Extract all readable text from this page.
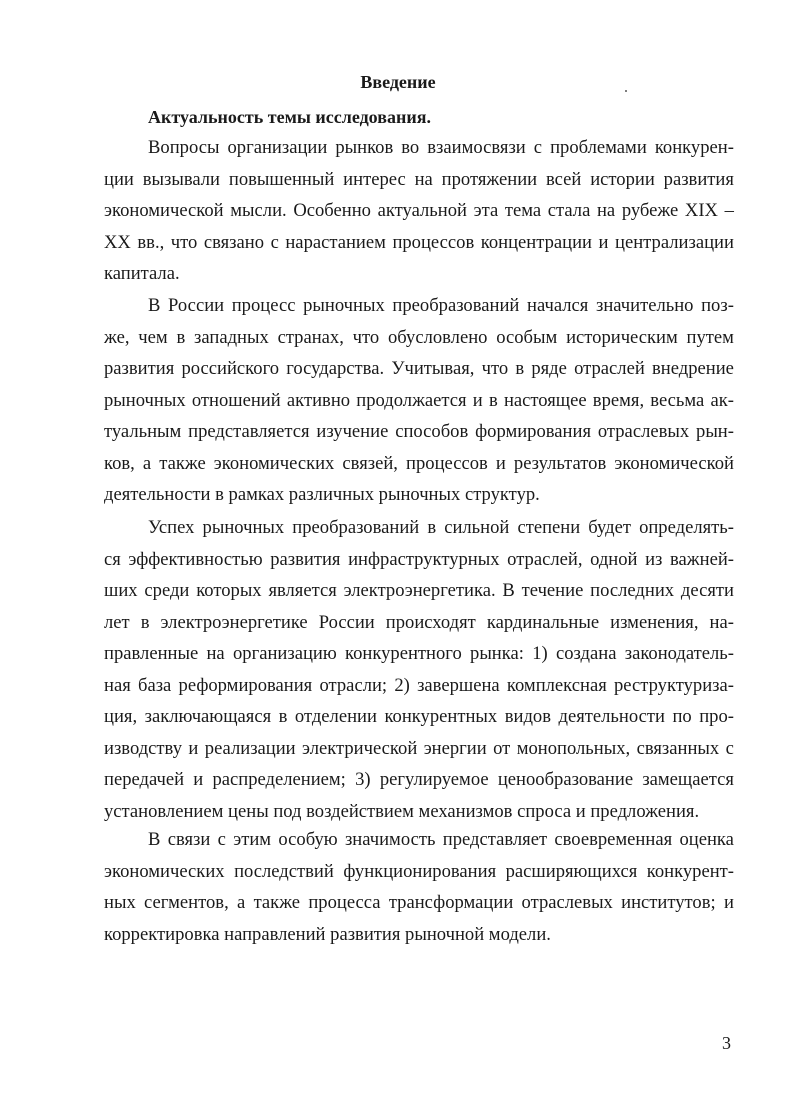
Введение
Актуальность темы исследования.
Вопросы организации рынков во взаимосвязи с проблемами конкурен-
ции вызывали повышенный интерес на протяжении всей истории развития
экономической мысли. Особенно актуальной эта тема стала на рубеже XIX –
XX вв., что связано с нарастанием процессов концентрации и централизации
капитала.
В России процесс рыночных преобразований начался значительно поз-
же, чем в западных странах, что обусловлено особым историческим путем
развития российского государства. Учитывая, что в ряде отраслей внедрение
рыночных отношений активно продолжается и в настоящее время, весьма ак-
туальным представляется изучение способов формирования отраслевых рын-
ков, а также экономических связей, процессов и результатов экономической
деятельности в рамках различных рыночных структур.
Успех рыночных преобразований в сильной степени будет определять-
ся эффективностью развития инфраструктурных отраслей, одной из важней-
ших среди которых является электроэнергетика. В течение последних десяти
лет в электроэнергетике России происходят кардинальные изменения, на-
правленные на организацию конкурентного рынка: 1) создана законодатель-
ная база реформирования отрасли; 2) завершена комплексная реструктуриза-
ция, заключающаяся в отделении конкурентных видов деятельности по про-
изводству и реализации электрической энергии от монопольных, связанных с
передачей и распределением; 3) регулируемое ценообразование замещается
установлением цены под воздействием механизмов спроса и предложения.
В связи с этим особую значимость представляет своевременная оценка
экономических последствий функционирования расширяющихся конкурент-
ных сегментов, а также процесса трансформации отраслевых институтов; и
корректировка направлений развития рыночной модели.
3
